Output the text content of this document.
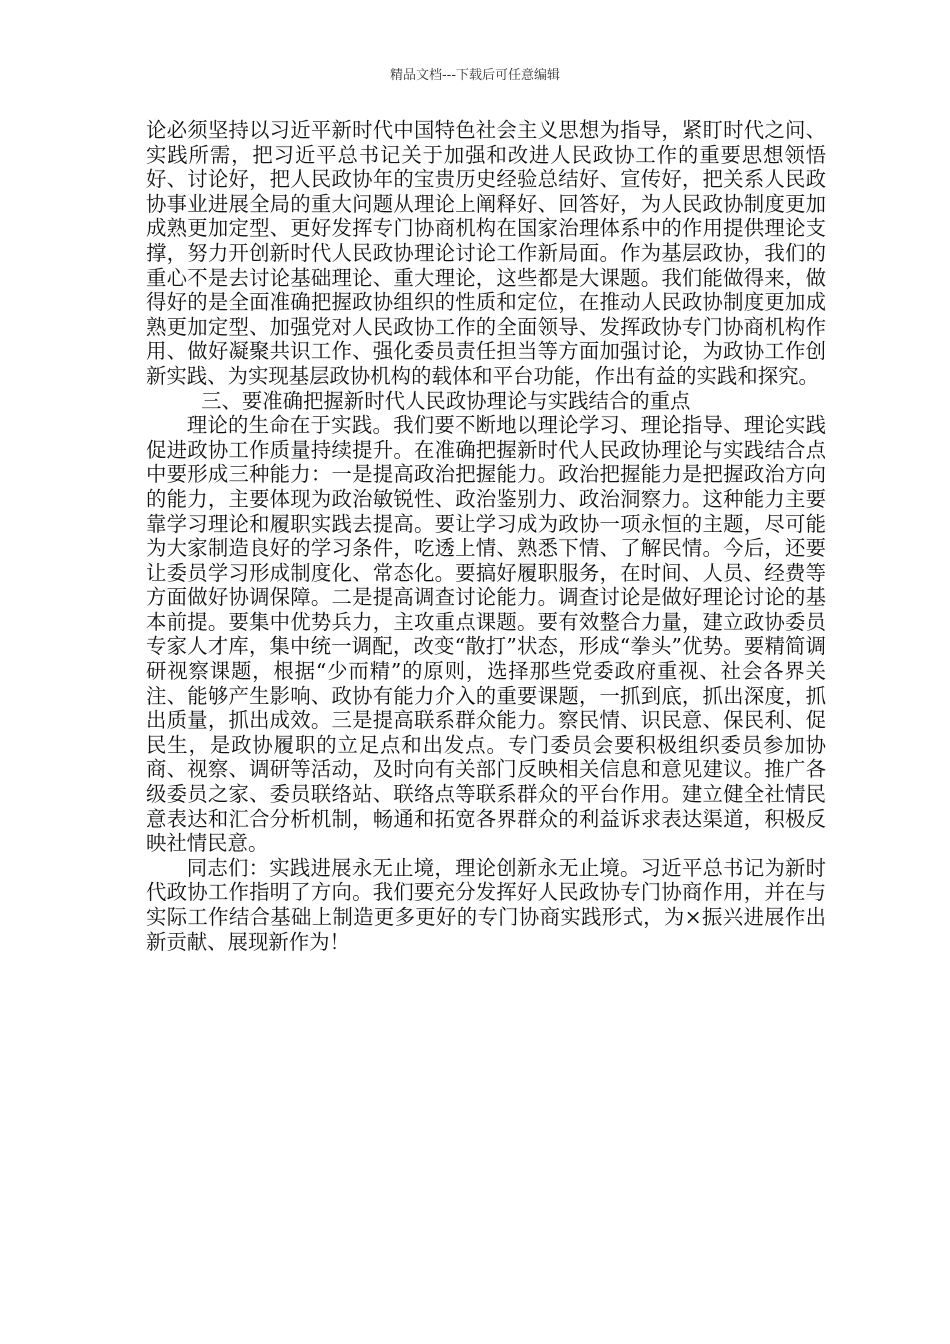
精品文档---下载后可任意编辑

论必须坚持以习近平新时代中国特色社会主义思想为指导，紧盯时代之问、实践所需，把习近平总书记关于加强和改进人民政协工作的重要思想领悟好、讨论好，把人民政协年的宝贵历史经验总结好、宣传好，把关系人民政协事业进展全局的重大问题从理论上阐释好、回答好，为人民政协制度更加成熟更加定型、更好发挥专门协商机构在国家治理体系中的作用提供理论支撑，努力开创新时代人民政协理论讨论工作新局面。作为基层政协，我们的重心不是去讨论基础理论、重大理论，这些都是大课题。我们能做得来，做得好的是全面准确把握政协组织的性质和定位，在推动人民政协制度更加成熟更加定型、加强党对人民政协工作的全面领导、发挥政协专门协商机构作用、做好凝聚共识工作、强化委员责任担当等方面加强讨论，为政协工作创新实践、为实现基层政协机构的载体和平台功能，作出有益的实践和探究。

三、要准确把握新时代人民政协理论与实践结合的重点

理论的生命在于实践。我们要不断地以理论学习、理论指导、理论实践促进政协工作质量持续提升。在准确把握新时代人民政协理论与实践结合点中要形成三种能力：一是提高政治把握能力。政治把握能力是把握政治方向的能力，主要体现为政治敏锐性、政治鉴别力、政治洞察力。这种能力主要靠学习理论和履职实践去提高。要让学习成为政协一项永恒的主题，尽可能为大家制造良好的学习条件，吃透上情、熟悉下情、了解民情。今后，还要让委员学习形成制度化、常态化。要搞好履职服务，在时间、人员、经费等方面做好协调保障。二是提高调查讨论能力。调查讨论是做好理论讨论的基本前提。要集中优势兵力，主攻重点课题。要有效整合力量，建立政协委员专家人才库，集中统一调配，改变“散打”状态，形成“拳头”优势。要精简调研视察课题，根据“少而精”的原则，选择那些党委政府重视、社会各界关注、能够产生影响、政协有能力介入的重要课题，一抓到底，抓出深度，抓出质量，抓出成效。三是提高联系群众能力。察民情、识民意、保民利、促民生，是政协履职的立足点和出发点。专门委员会要积极组织委员参加协商、视察、调研等活动，及时向有关部门反映相关信息和意见建议。推广各级委员之家、委员联络站、联络点等联系群众的平台作用。建立健全社情民意表达和汇合分析机制，畅通和拓宽各界群众的利益诉求表达渠道，积极反映社情民意。

同志们：实践进展永无止境，理论创新永无止境。习近平总书记为新时代政协工作指明了方向。我们要充分发挥好人民政协专门协商作用，并在与实际工作结合基础上制造更多更好的专门协商实践形式，为×振兴进展作出新贡献、展现新作为！
